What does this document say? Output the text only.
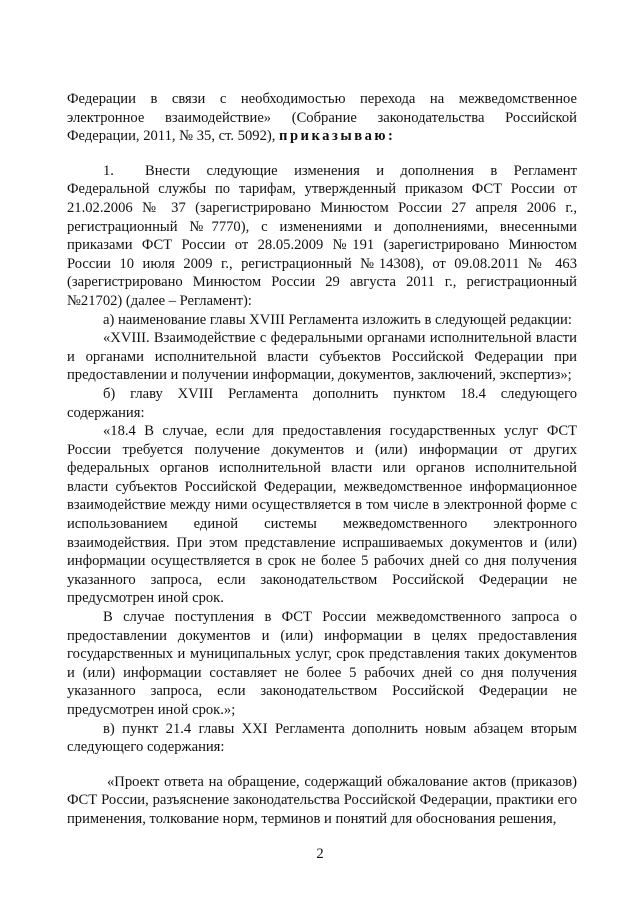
Федерации в связи с необходимостью перехода на межведомственное электронное взаимодействие» (Собрание законодательства Российской Федерации, 2011, № 35, ст. 5092), приказываю:

1. Внести следующие изменения и дополнения в Регламент Федеральной службы по тарифам, утвержденный приказом ФСТ России от 21.02.2006 № 37 (зарегистрировано Минюстом России 27 апреля 2006 г., регистрационный №7770), с изменениями и дополнениями, внесенными приказами ФСТ России от 28.05.2009 №191 (зарегистрировано Минюстом России 10 июля 2009 г., регистрационный №14308), от 09.08.2011 № 463 (зарегистрировано Минюстом России 29 августа 2011 г., регистрационный №21702) (далее – Регламент):

а) наименование главы XVIII Регламента изложить в следующей редакции:

«XVIII. Взаимодействие с федеральными органами исполнительной власти и органами исполнительной власти субъектов Российской Федерации при предоставлении и получении информации, документов, заключений, экспертиз»;

б) главу XVIII Регламента дополнить пунктом 18.4 следующего содержания:

«18.4 В случае, если для предоставления государственных услуг ФСТ России требуется получение документов и (или) информации от других федеральных органов исполнительной власти или органов исполнительной власти субъектов Российской Федерации, межведомственное информационное взаимодействие между ними осуществляется в том числе в электронной форме с использованием единой системы межведомственного электронного взаимодействия. При этом представление испрашиваемых документов и (или) информации осуществляется в срок не более 5 рабочих дней со дня получения указанного запроса, если законодательством Российской Федерации не предусмотрен иной срок.

В случае поступления в ФСТ России межведомственного запроса о предоставлении документов и (или) информации в целях предоставления государственных и муниципальных услуг, срок представления таких документов и (или) информации составляет не более 5 рабочих дней со дня получения указанного запроса, если законодательством Российской Федерации не предусмотрен иной срок.»;

в) пункт 21.4 главы XXI Регламента дополнить новым абзацем вторым следующего содержания:

«Проект ответа на обращение, содержащий обжалование актов (приказов) ФСТ России, разъяснение законодательства Российской Федерации, практики его применения, толкование норм, терминов и понятий для обоснования решения,

2
